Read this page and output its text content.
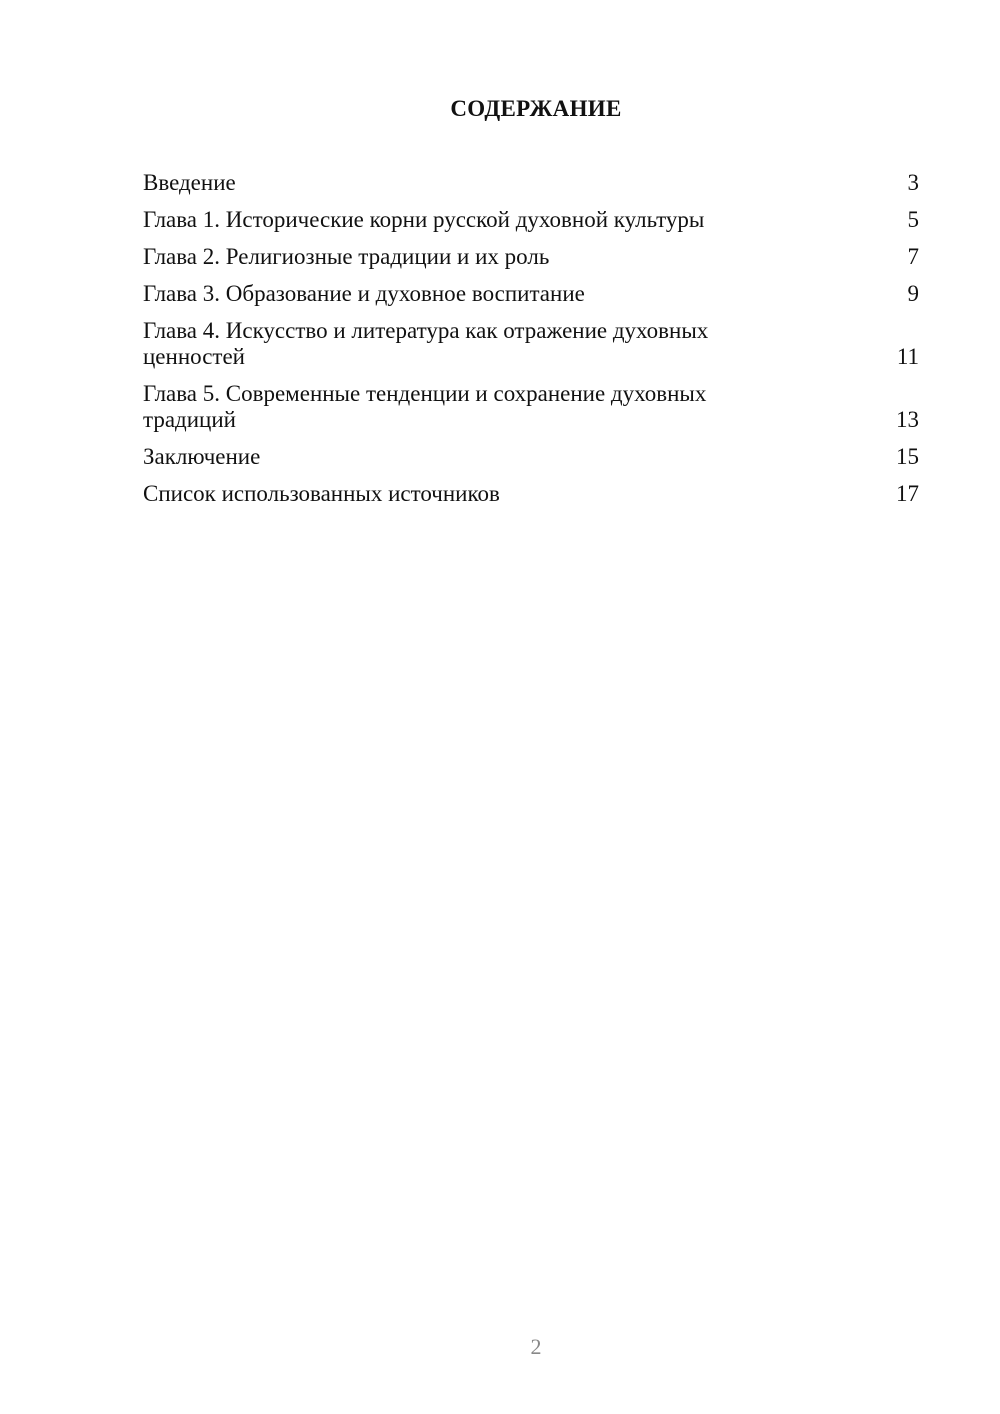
СОДЕРЖАНИЕ
Введение	3
Глава 1. Исторические корни русской духовной культуры	5
Глава 2. Религиозные традиции и их роль	7
Глава 3. Образование и духовное воспитание	9
Глава 4. Искусство и литература как отражение духовных ценностей	11
Глава 5. Современные тенденции и сохранение духовных традиций	13
Заключение	15
Список использованных источников	17
2
